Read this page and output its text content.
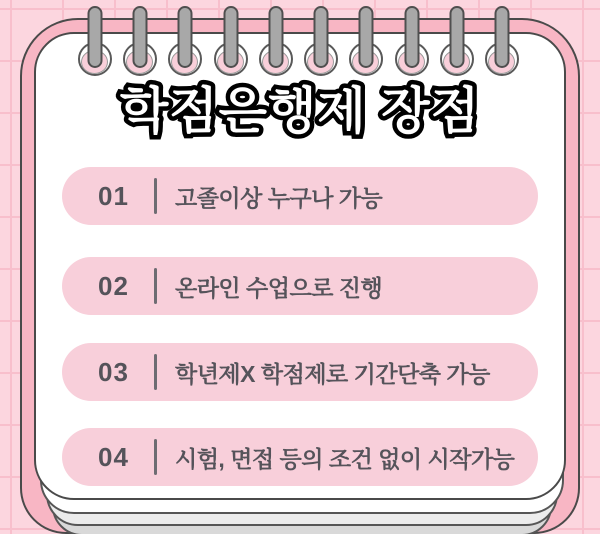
학점은행제 장점
01	고졸이상 누구나 가능
02	온라인 수업으로 진행
03	학년제X 학점제로 기간단축 가능
04	시험, 면접 등의 조건 없이 시작가능
